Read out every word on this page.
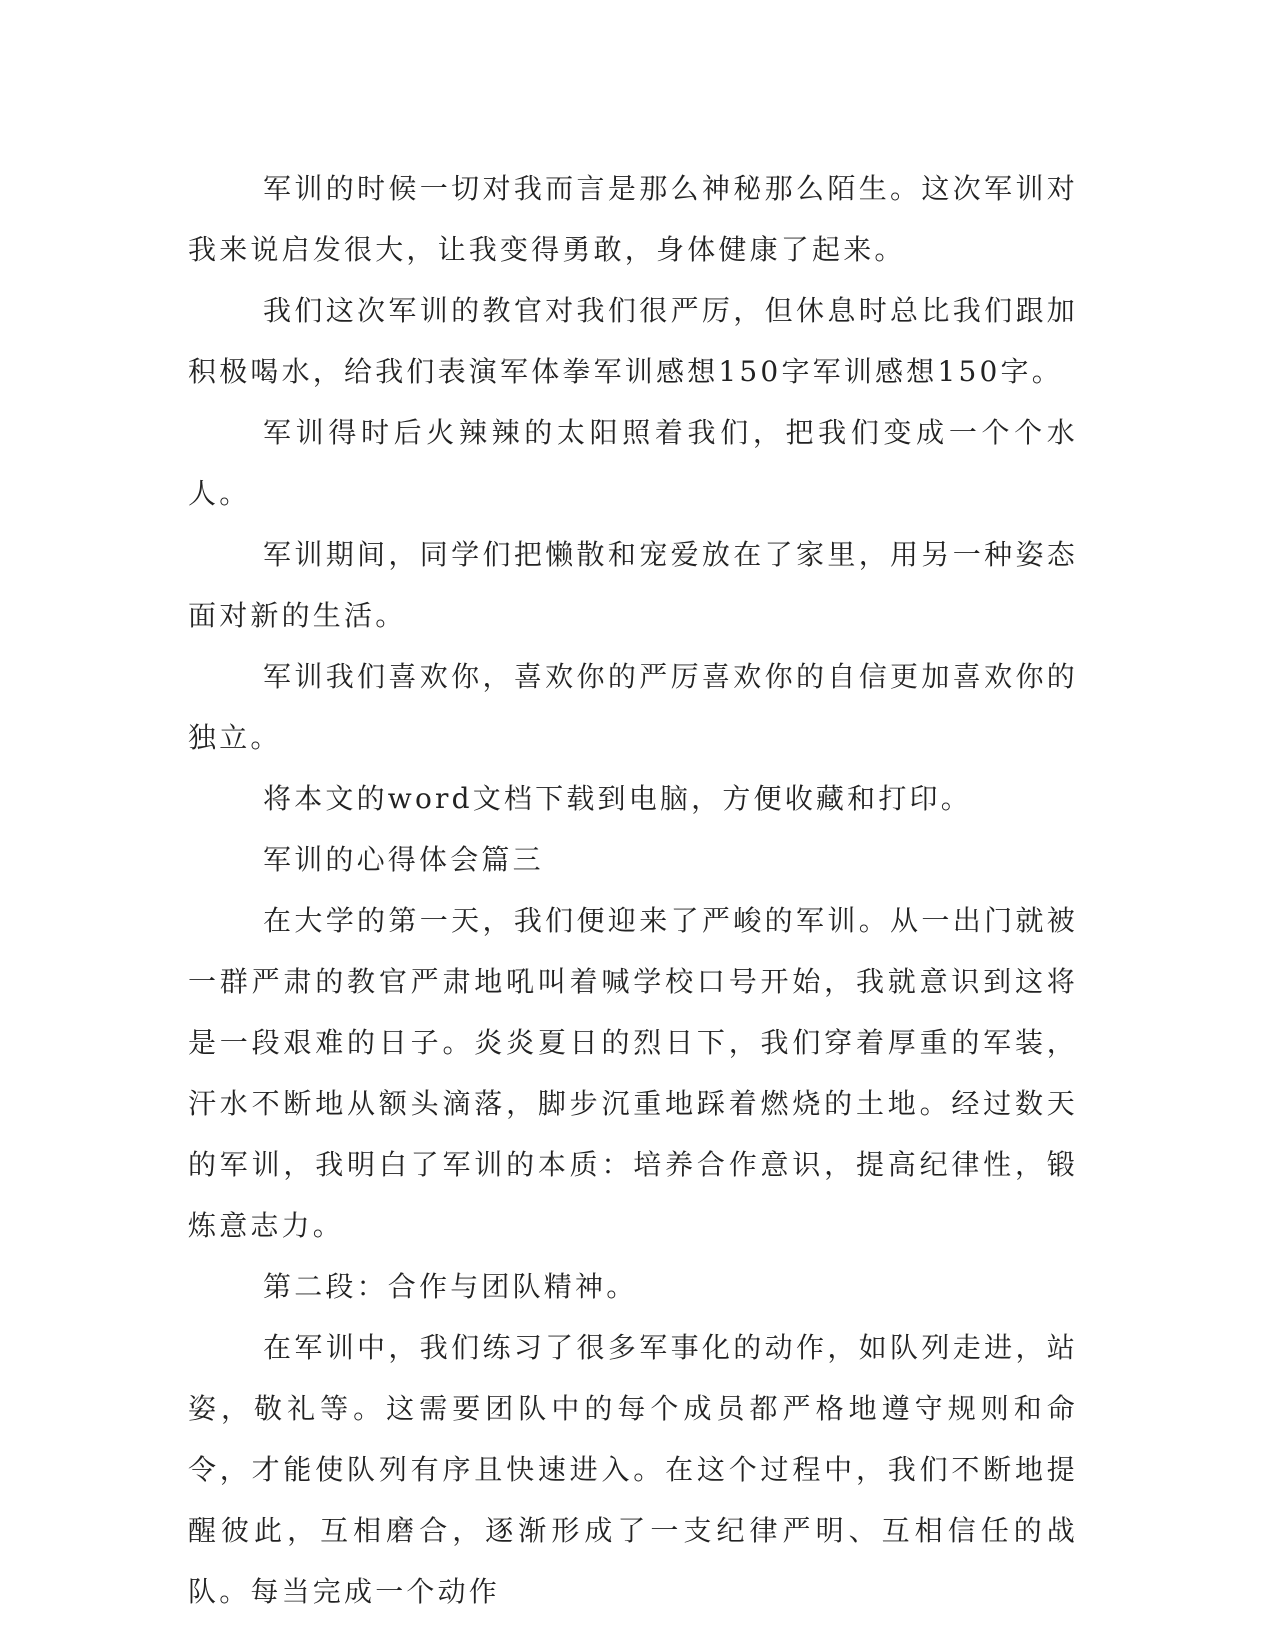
军训的时候一切对我而言是那么神秘那么陌生。这次军训对我来说启发很大，让我变得勇敢，身体健康了起来。

我们这次军训的教官对我们很严厉，但休息时总比我们跟加积极喝水，给我们表演军体拳军训感想150字军训感想150字。

军训得时后火辣辣的太阳照着我们，把我们变成一个个水人。

军训期间，同学们把懒散和宠爱放在了家里，用另一种姿态面对新的生活。

军训我们喜欢你，喜欢你的严厉喜欢你的自信更加喜欢你的独立。

将本文的word文档下载到电脑，方便收藏和打印。

军训的心得体会篇三

在大学的第一天，我们便迎来了严峻的军训。从一出门就被一群严肃的教官严肃地吼叫着喊学校口号开始，我就意识到这将是一段艰难的日子。炎炎夏日的烈日下，我们穿着厚重的军装，汗水不断地从额头滴落，脚步沉重地踩着燃烧的土地。经过数天的军训，我明白了军训的本质：培养合作意识，提高纪律性，锻炼意志力。

第二段：合作与团队精神。

在军训中，我们练习了很多军事化的动作，如队列走进，站姿，敬礼等。这需要团队中的每个成员都严格地遵守规则和命令，才能使队列有序且快速进入。在这个过程中，我们不断地提醒彼此，互相磨合，逐渐形成了一支纪律严明、互相信任的战队。每当完成一个动作
